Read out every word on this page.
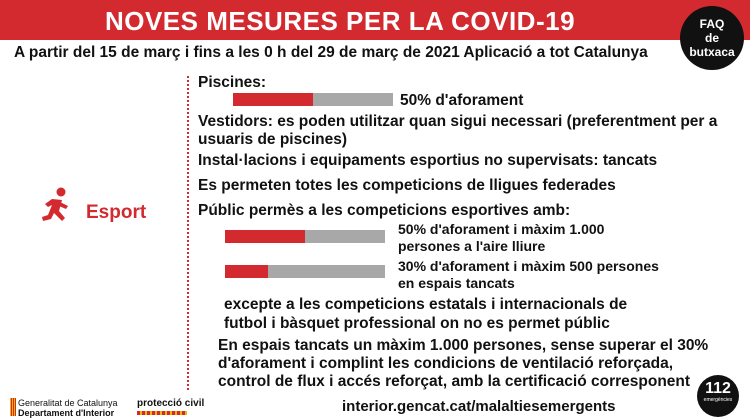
NOVES MESURES PER LA COVID-19	FAQ
de
butxaca
A partir del 15 de març i fins a les 0 h del 29 de març de 2021 Aplicació a tot Catalunya
Esport
Piscines:
50% d'aforament
Vestidors: es poden utilitzar quan sigui necessari (preferentment per a usuaris de piscines)
Instal·lacions i equipaments esportius no supervisats: tancats
Es permeten totes les competicions de lligues federades
Públic permès a les competicions esportives amb:
50% d'aforament i màxim 1.000
persones a l'aire lliure
30% d'aforament i màxim 500 persones
en espais tancats
excepte a les competicions estatals i internacionals de
futbol i bàsquet professional on no es permet públic
En espais tancats un màxim 1.000 persones, sense superar el 30%
d'aforament i complint les condicions de ventilació reforçada,
control de flux i accés reforçat, amb la certificació corresponent
Generalitat de Catalunya
Departament d'Interior
protecció civil	interior.gencat.cat/malaltiesemergents
112
emergències
